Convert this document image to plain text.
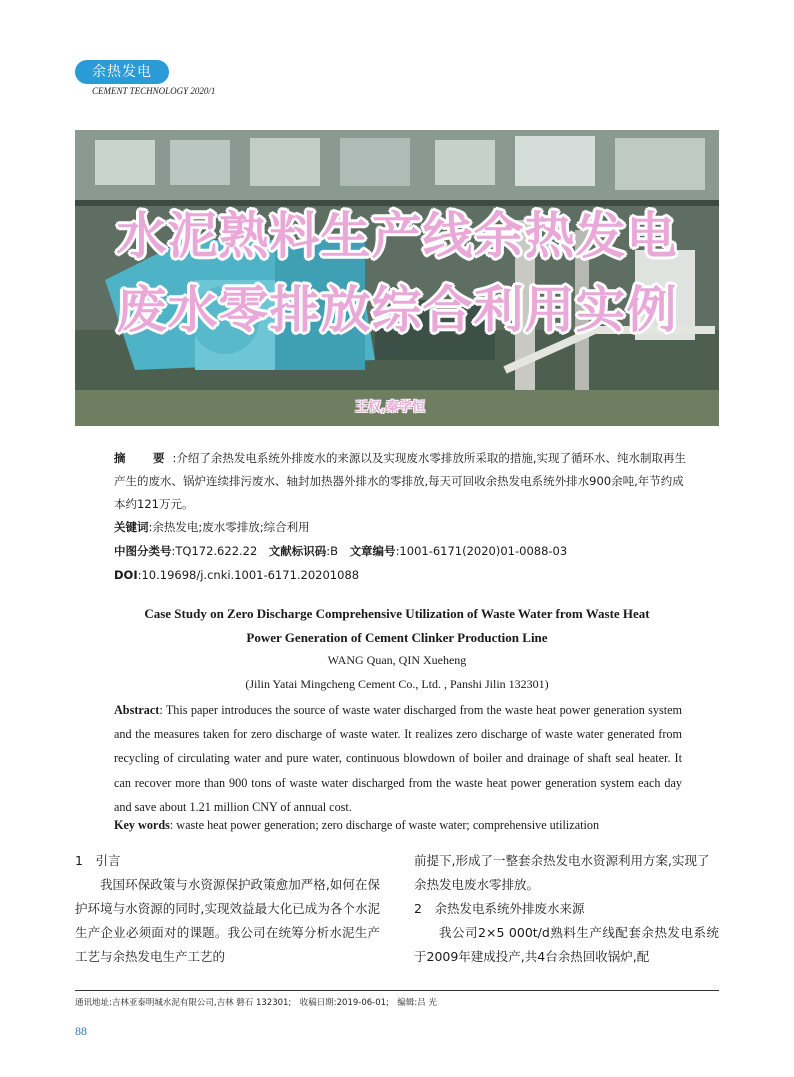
余热发电
CEMENT TECHNOLOGY 2020/1
水泥熟料生产线余热发电
废水零排放综合利用实例
王权,秦学恒
摘　要:介绍了余热发电系统外排废水的来源以及实现废水零排放所采取的措施,实现了循环水、纯水制取再生产生的废水、锅炉连续排污废水、轴封加热器外排水的零排放,每天可回收余热发电系统外排水900余吨,年节约成本约121万元。
关键词:余热发电;废水零排放;综合利用
中图分类号:TQ172.622.22　文献标识码:B　文章编号:1001-6171(2020)01-0088-03
DOI:10.19698/j.cnki.1001-6171.20201088
Case Study on Zero Discharge Comprehensive Utilization of Waste Water from Waste Heat
Power Generation of Cement Clinker Production Line
WANG Quan, QIN Xueheng
(Jilin Yatai Mingcheng Cement Co., Ltd. , Panshi Jilin 132301)
Abstract: This paper introduces the source of waste water discharged from the waste heat power generation system and the measures taken for zero discharge of waste water. It realizes zero discharge of waste water generated from recycling of circulating water and pure water, continuous blowdown of boiler and drainage of shaft seal heater. It can recover more than 900 tons of waste water discharged from the waste heat power generation system each day and save about 1.21 million CNY of annual cost.
Key words: waste heat power generation; zero discharge of waste water; comprehensive utilization

1　引言

我国环保政策与水资源保护政策愈加严格,如何在保护环境与水资源的同时,实现效益最大化已成为各个水泥生产企业必须面对的课题。我公司在统筹分析水泥生产工艺与余热发电生产工艺的

前提下,形成了一整套余热发电水资源利用方案,实现了余热发电废水零排放。

2　余热发电系统外排废水来源

我公司2×5 000t/d熟料生产线配套余热发电系统于2009年建成投产,共4台余热回收锅炉,配

通讯地址:吉林亚泰明城水泥有限公司,吉林 磐石 132301;　收稿日期:2019-06-01;　编辑:吕 光
88
